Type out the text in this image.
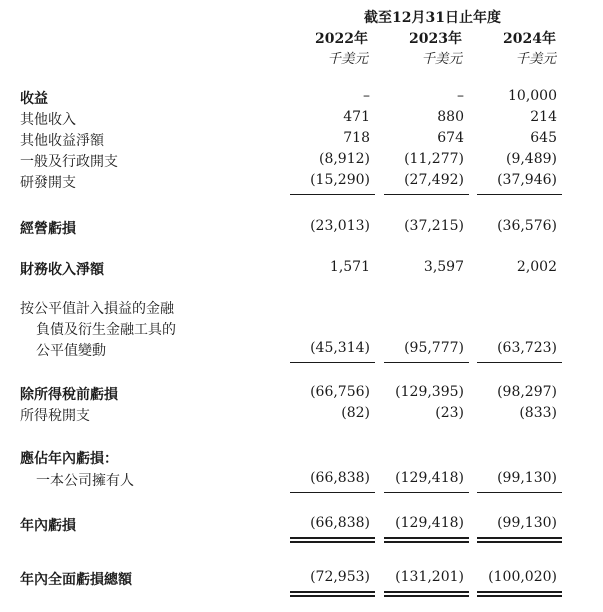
截至12月31日止年度
2022年	2023年	2024年
千美元	千美元	千美元
收益	–	–	10,000
其他收入	471	880	214
其他收益淨額	718	674	645
一般及行政開支	(8,912)	(11,277)	(9,489)
研發開支	(15,290)	(27,492)	(37,946)
經營虧損	(23,013)	(37,215)	(36,576)
財務收入淨額	1,571	3,597	2,002
按公平值計入損益的金融
負債及衍生金融工具的
公平值變動	(45,314)	(95,777)	(63,723)
除所得稅前虧損	(66,756)	(129,395)	(98,297)
所得稅開支	(82)	(23)	(833)
應佔年內虧損：
一本公司擁有人	(66,838)	(129,418)	(99,130)
年內虧損	(66,838)	(129,418)	(99,130)
年內全面虧損總額	(72,953)	(131,201)	(100,020)
